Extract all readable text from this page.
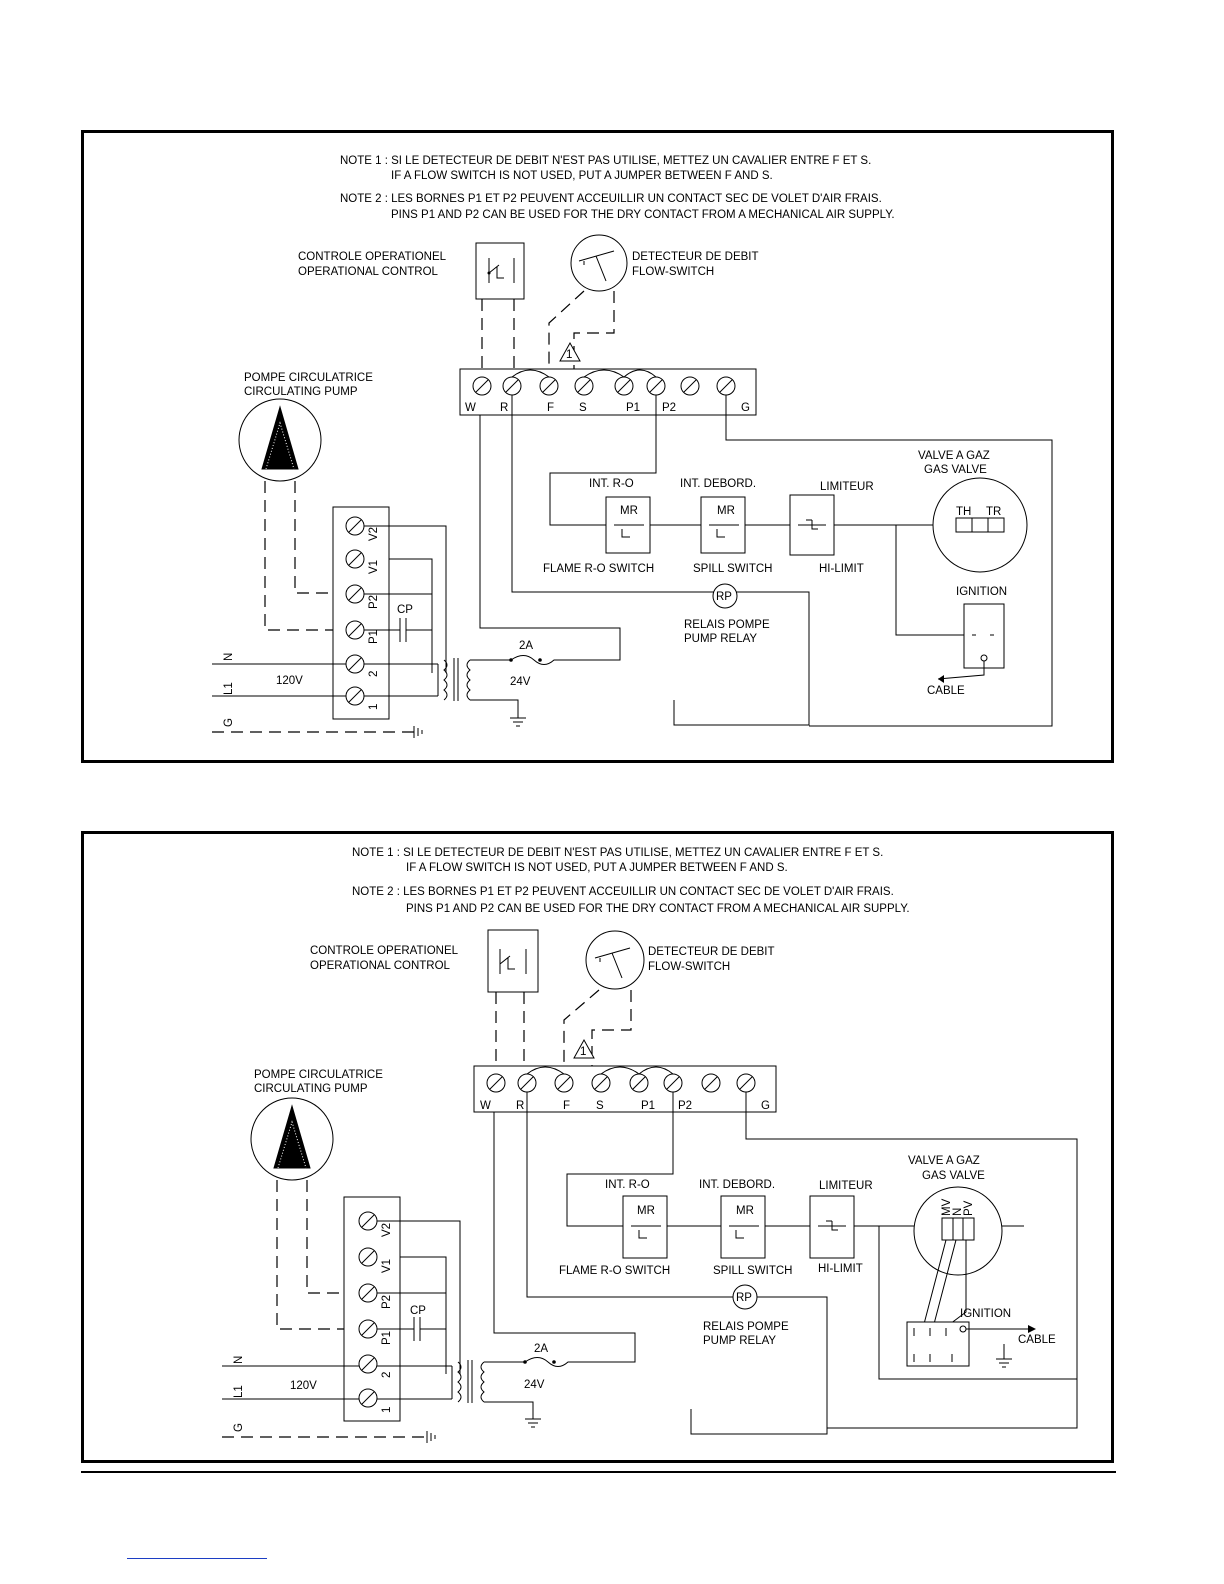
NOTE 1 : SI LE DETECTEUR DE DEBIT N'EST PAS UTILISE, METTEZ UN CAVALIER ENTRE F ET S.
IF A FLOW SWITCH IS NOT USED, PUT A JUMPER BETWEEN F AND S.
NOTE 2 : LES BORNES P1 ET P2 PEUVENT ACCEUILLIR UN CONTACT SEC DE VOLET D'AIR FRAIS.
PINS P1 AND P2 CAN BE USED FOR THE DRY CONTACT FROM A MECHANICAL AIR SUPPLY.
CONTROLE OPERATIONEL
OPERATIONAL CONTROL
DETECTEUR DE DEBIT
FLOW-SWITCH
1
W R	F S	P1 P2	G
POMPE CIRCULATRICE
CIRCULATING PUMP
V2
V1
P2
P1
2
1
CP
N
L1
G
120V
2A
24V
INT. R-O
MR
FLAME R-O SWITCH
INT. DEBORD.
MR
SPILL SWITCH
LIMITEUR
HI-LIMIT
RP
RELAIS POMPE
PUMP RELAY
VALVE A GAZ
GAS VALVE
TH TR
IGNITION
CABLE
NOTE 1 : SI LE DETECTEUR DE DEBIT N'EST PAS UTILISE, METTEZ UN CAVALIER ENTRE F ET S.
IF A FLOW SWITCH IS NOT USED, PUT A JUMPER BETWEEN F AND S.
NOTE 2 : LES BORNES P1 ET P2 PEUVENT ACCEUILLIR UN CONTACT SEC DE VOLET D'AIR FRAIS.
PINS P1 AND P2 CAN BE USED FOR THE DRY CONTACT FROM A MECHANICAL AIR SUPPLY.
CONTROLE OPERATIONEL
OPERATIONAL CONTROL
DETECTEUR DE DEBIT
FLOW-SWITCH
1
W R	F S	P1 P2	G
POMPE CIRCULATRICE
CIRCULATING PUMP
V2
V1
P2
P1
2
1
CP
N
L1
G
120V
2A
24V
INT. R-O
MR
FLAME R-O SWITCH
INT. DEBORD.
MR
SPILL SWITCH
LIMITEUR
HI-LIMIT
RP
RELAIS POMPE
PUMP RELAY
VALVE A GAZ
GAS VALVE
MV N PV
IGNITION
CABLE
